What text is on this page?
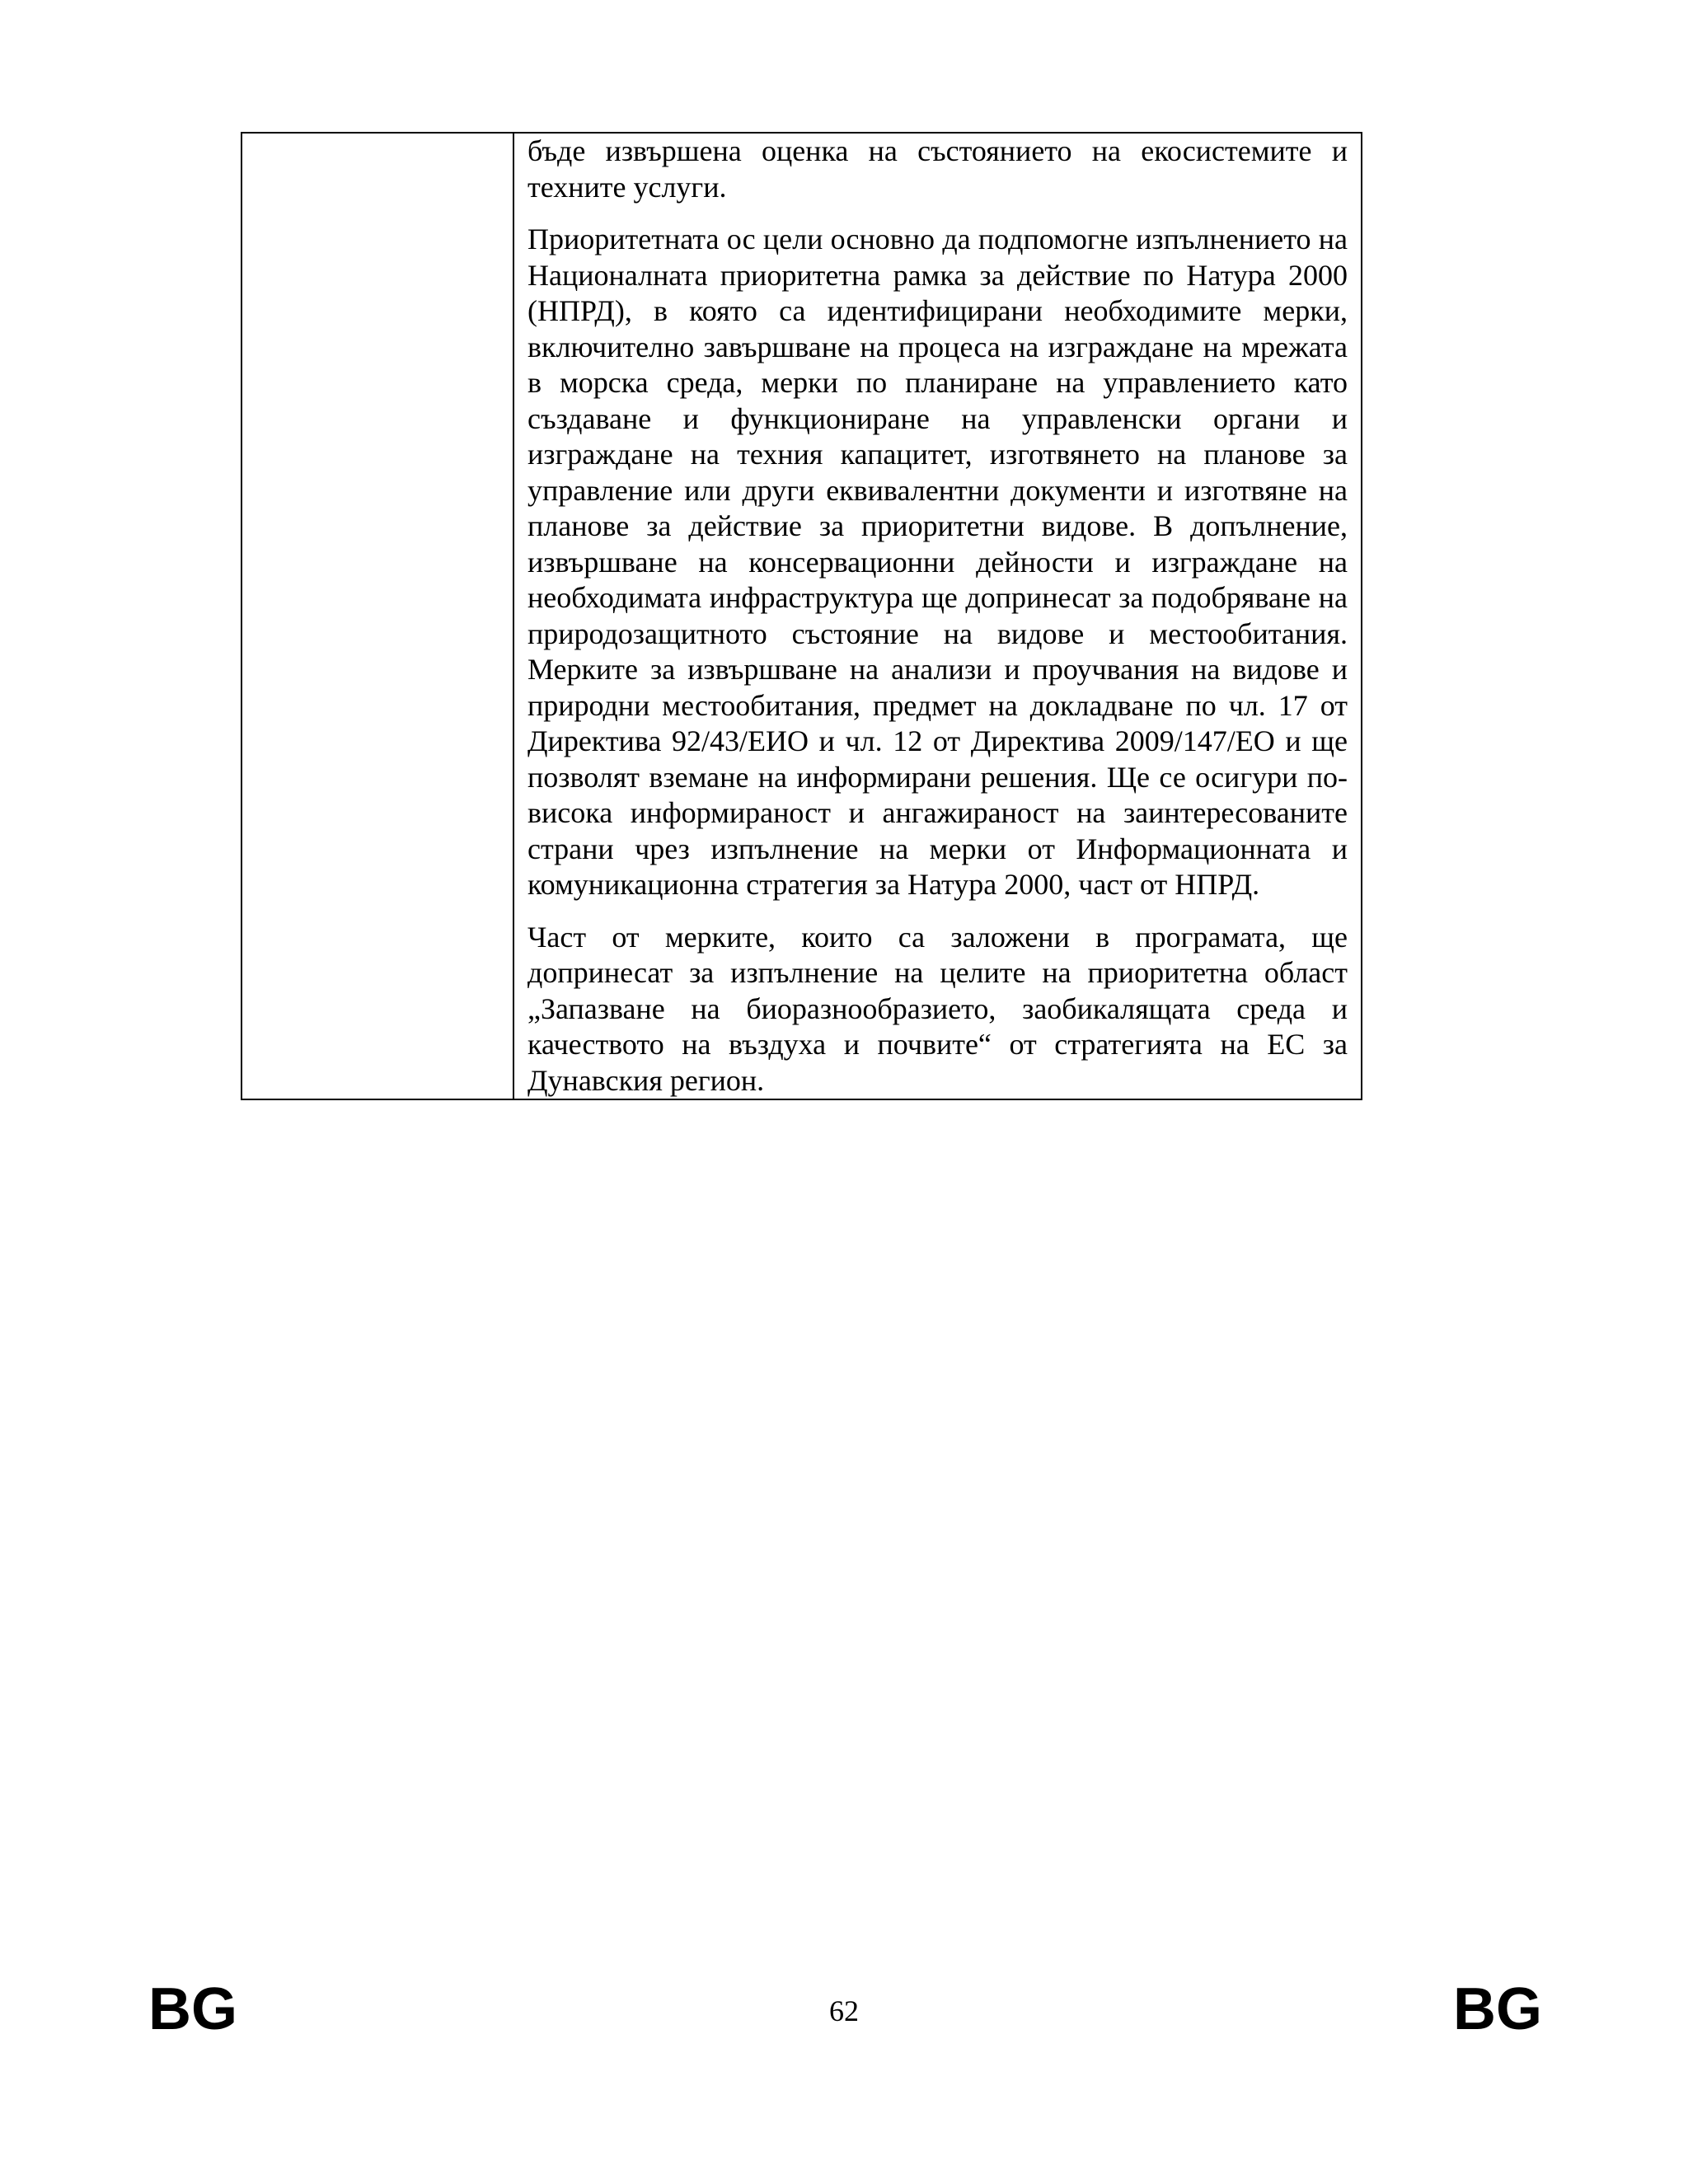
бъде извършена оценка на състоянието на екосистемите и техните услуги.

Приоритетната ос цели основно да подпомогне изпълнението на Националната приоритетна рамка за действие по Натура 2000 (НПРД), в която са идентифицирани необходимите мерки, включително завършване на процеса на изграждане на мрежата в морска среда, мерки по планиране на управлението като създаване и функциониране на управленски органи и изграждане на техния капацитет, изготвянето на планове за управление или други еквивалентни документи и изготвяне на планове за действие за приоритетни видове. В допълнение, извършване на консервационни дейности и изграждане на необходимата инфраструктура ще допринесат за подобряване на природозащитното състояние на видове и местообитания. Мерките за извършване на анализи и проучвания на видове и природни местообитания, предмет на докладване по чл. 17 от Директива 92/43/ЕИО и чл. 12 от Директива 2009/147/ЕО и ще позволят вземане на информирани решения. Ще се осигури по-висока информираност и ангажираност на заинтересованите страни чрез изпълнение на мерки от Информационната и комуникационна стратегия за Натура 2000, част от НПРД.

Част от мерките, които са заложени в програмата, ще допринесат за изпълнение на целите на приоритетна област „Запазване на биоразнообразието, заобикалящата среда и качеството на въздуха и почвите“ от стратегията на ЕС за Дунавския регион.

BG	62	BG
